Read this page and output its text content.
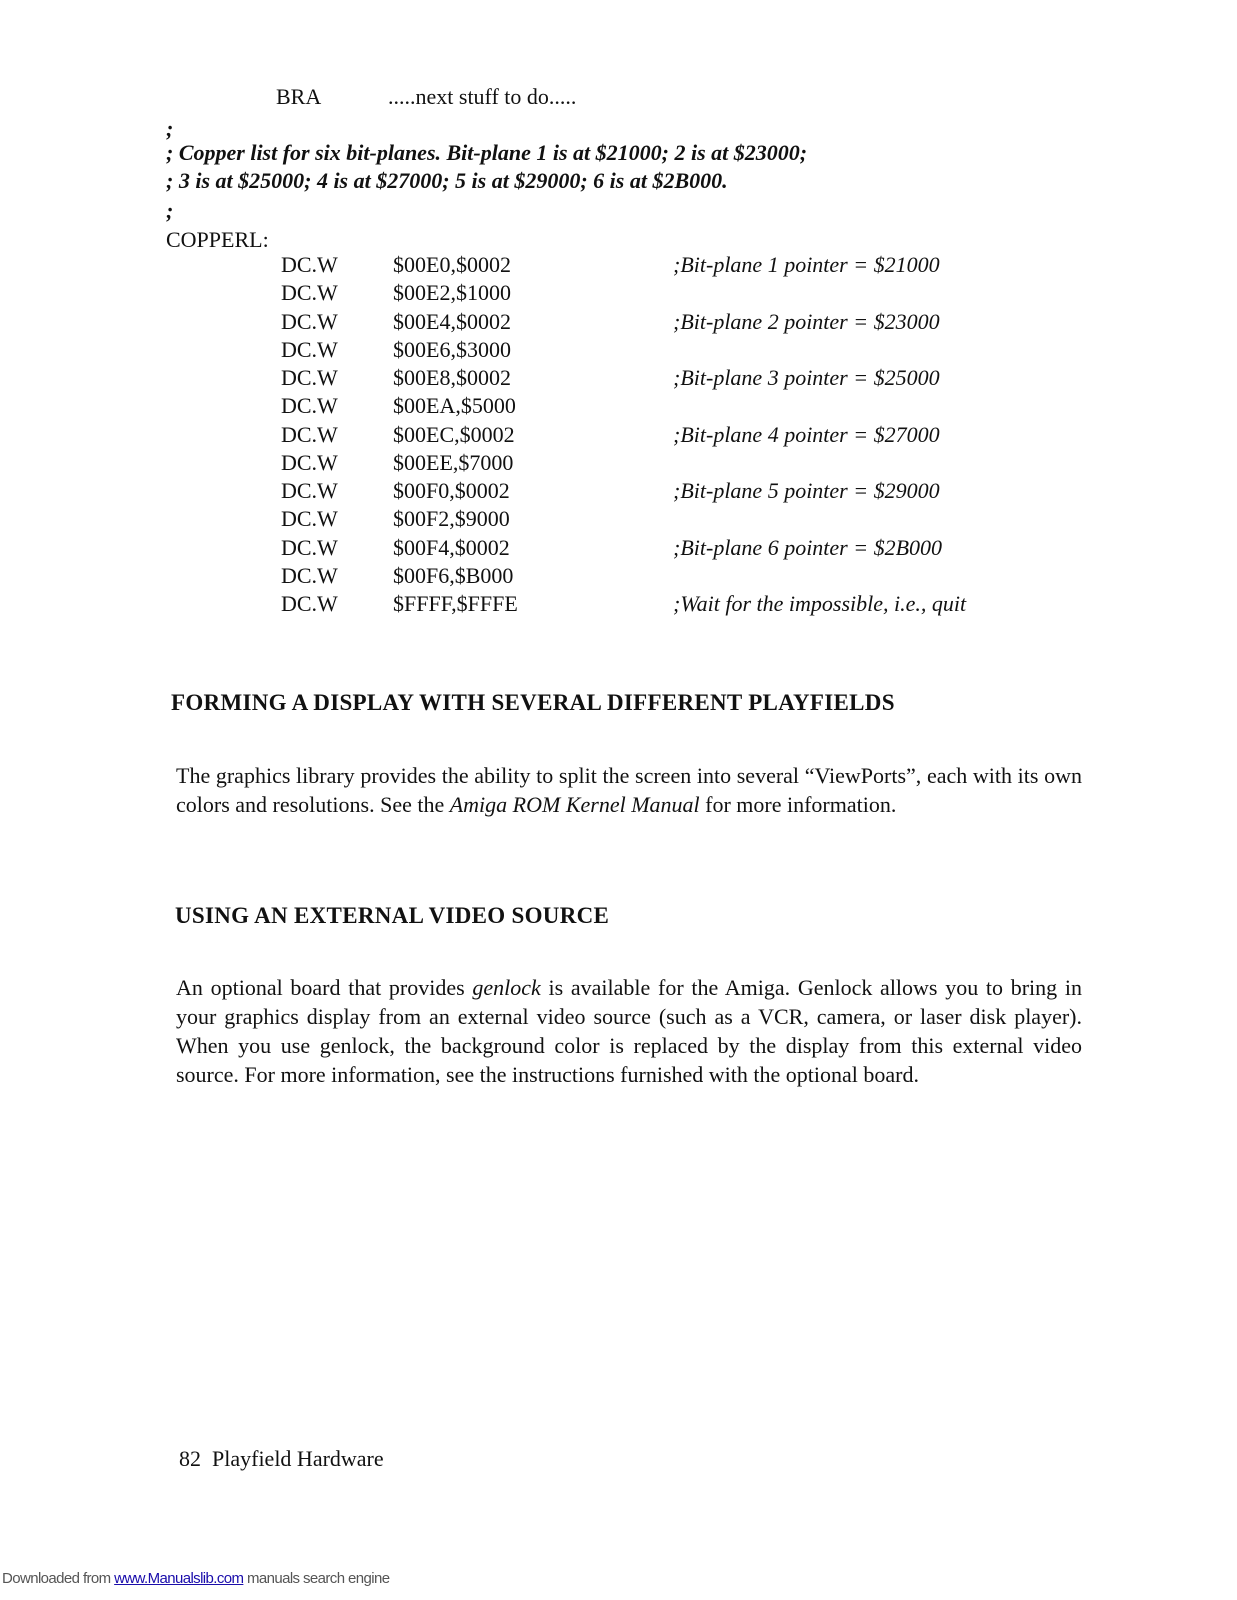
BRA	.....next stuff to do.....
;
; Copper list for six bit-planes. Bit-plane 1 is at $21000; 2 is at $23000;
; 3 is at $25000; 4 is at $27000; 5 is at $29000; 6 is at $2B000.
;
COPPERL:
DC.W	$00E0,$0002	;Bit-plane 1 pointer = $21000
DC.W	$00E2,$1000
DC.W	$00E4,$0002	;Bit-plane 2 pointer = $23000
DC.W	$00E6,$3000
DC.W	$00E8,$0002	;Bit-plane 3 pointer = $25000
DC.W	$00EA,$5000
DC.W	$00EC,$0002	;Bit-plane 4 pointer = $27000
DC.W	$00EE,$7000
DC.W	$00F0,$0002	;Bit-plane 5 pointer = $29000
DC.W	$00F2,$9000
DC.W	$00F4,$0002	;Bit-plane 6 pointer = $2B000
DC.W	$00F6,$B000
DC.W	$FFFF,$FFFE	;Wait for the impossible, i.e., quit
FORMING A DISPLAY WITH SEVERAL DIFFERENT PLAYFIELDS

The graphics library provides the ability to split the screen into several “ViewPorts”, each with its own colors and resolutions. See the Amiga ROM Kernel Manual for more information.

USING AN EXTERNAL VIDEO SOURCE

An optional board that provides genlock is available for the Amiga. Genlock allows you to bring in your graphics display from an external video source (such as a VCR, camera, or laser disk player). When you use genlock, the background color is replaced by the display from this external video source. For more information, see the instructions furnished with the optional board.

82 Playfield Hardware
Downloaded from www.Manualslib.com manuals search engine
